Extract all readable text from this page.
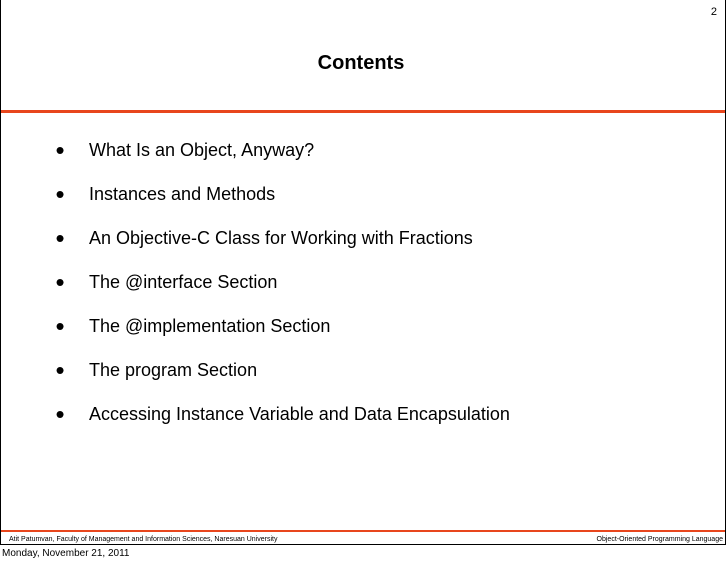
2
Contents
•	What Is an Object, Anyway?
•	Instances and Methods
•	An Objective-C Class for Working with Fractions
•	The @interface Section
•	The @implementation Section
•	The program Section
•	Accessing Instance Variable and Data Encapsulation
Atit Patumvan, Faculty of Management and Information Sciences, Naresuan University	Object-Oriented Programming Language
Monday, November 21, 2011
